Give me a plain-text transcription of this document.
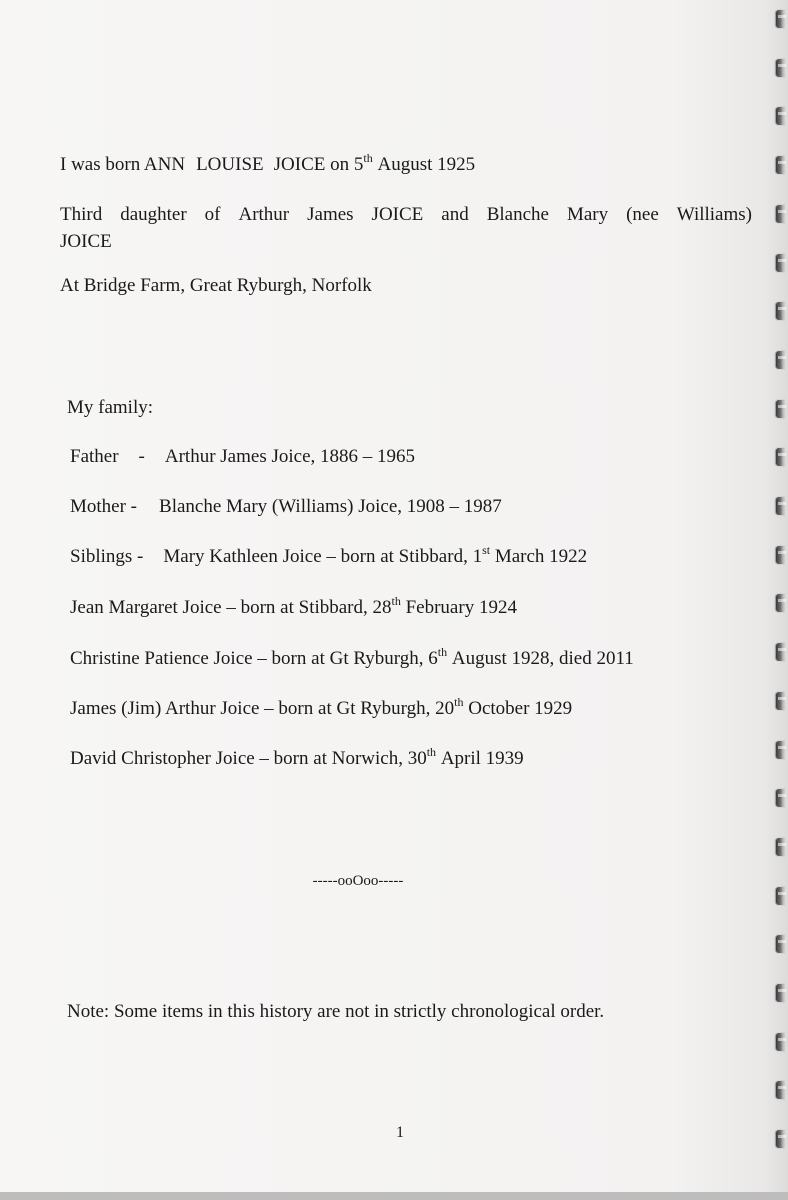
I was born ANN LOUISE JOICE on 5th August 1925
Third daughter of Arthur James JOICE and Blanche Mary (nee Williams)
JOICE
At Bridge Farm, Great Ryburgh, Norfolk
My family:
Father - Arthur James Joice, 1886 – 1965
Mother - Blanche Mary (Williams) Joice, 1908 – 1987
Siblings - Mary Kathleen Joice – born at Stibbard, 1st March 1922
Jean Margaret Joice – born at Stibbard, 28th February 1924
Christine Patience Joice – born at Gt Ryburgh, 6th August 1928, died 2011
James (Jim) Arthur Joice – born at Gt Ryburgh, 20th October 1929
David Christopher Joice – born at Norwich, 30th April 1939
-----ooOoo-----
Note: Some items in this history are not in strictly chronological order.
1
